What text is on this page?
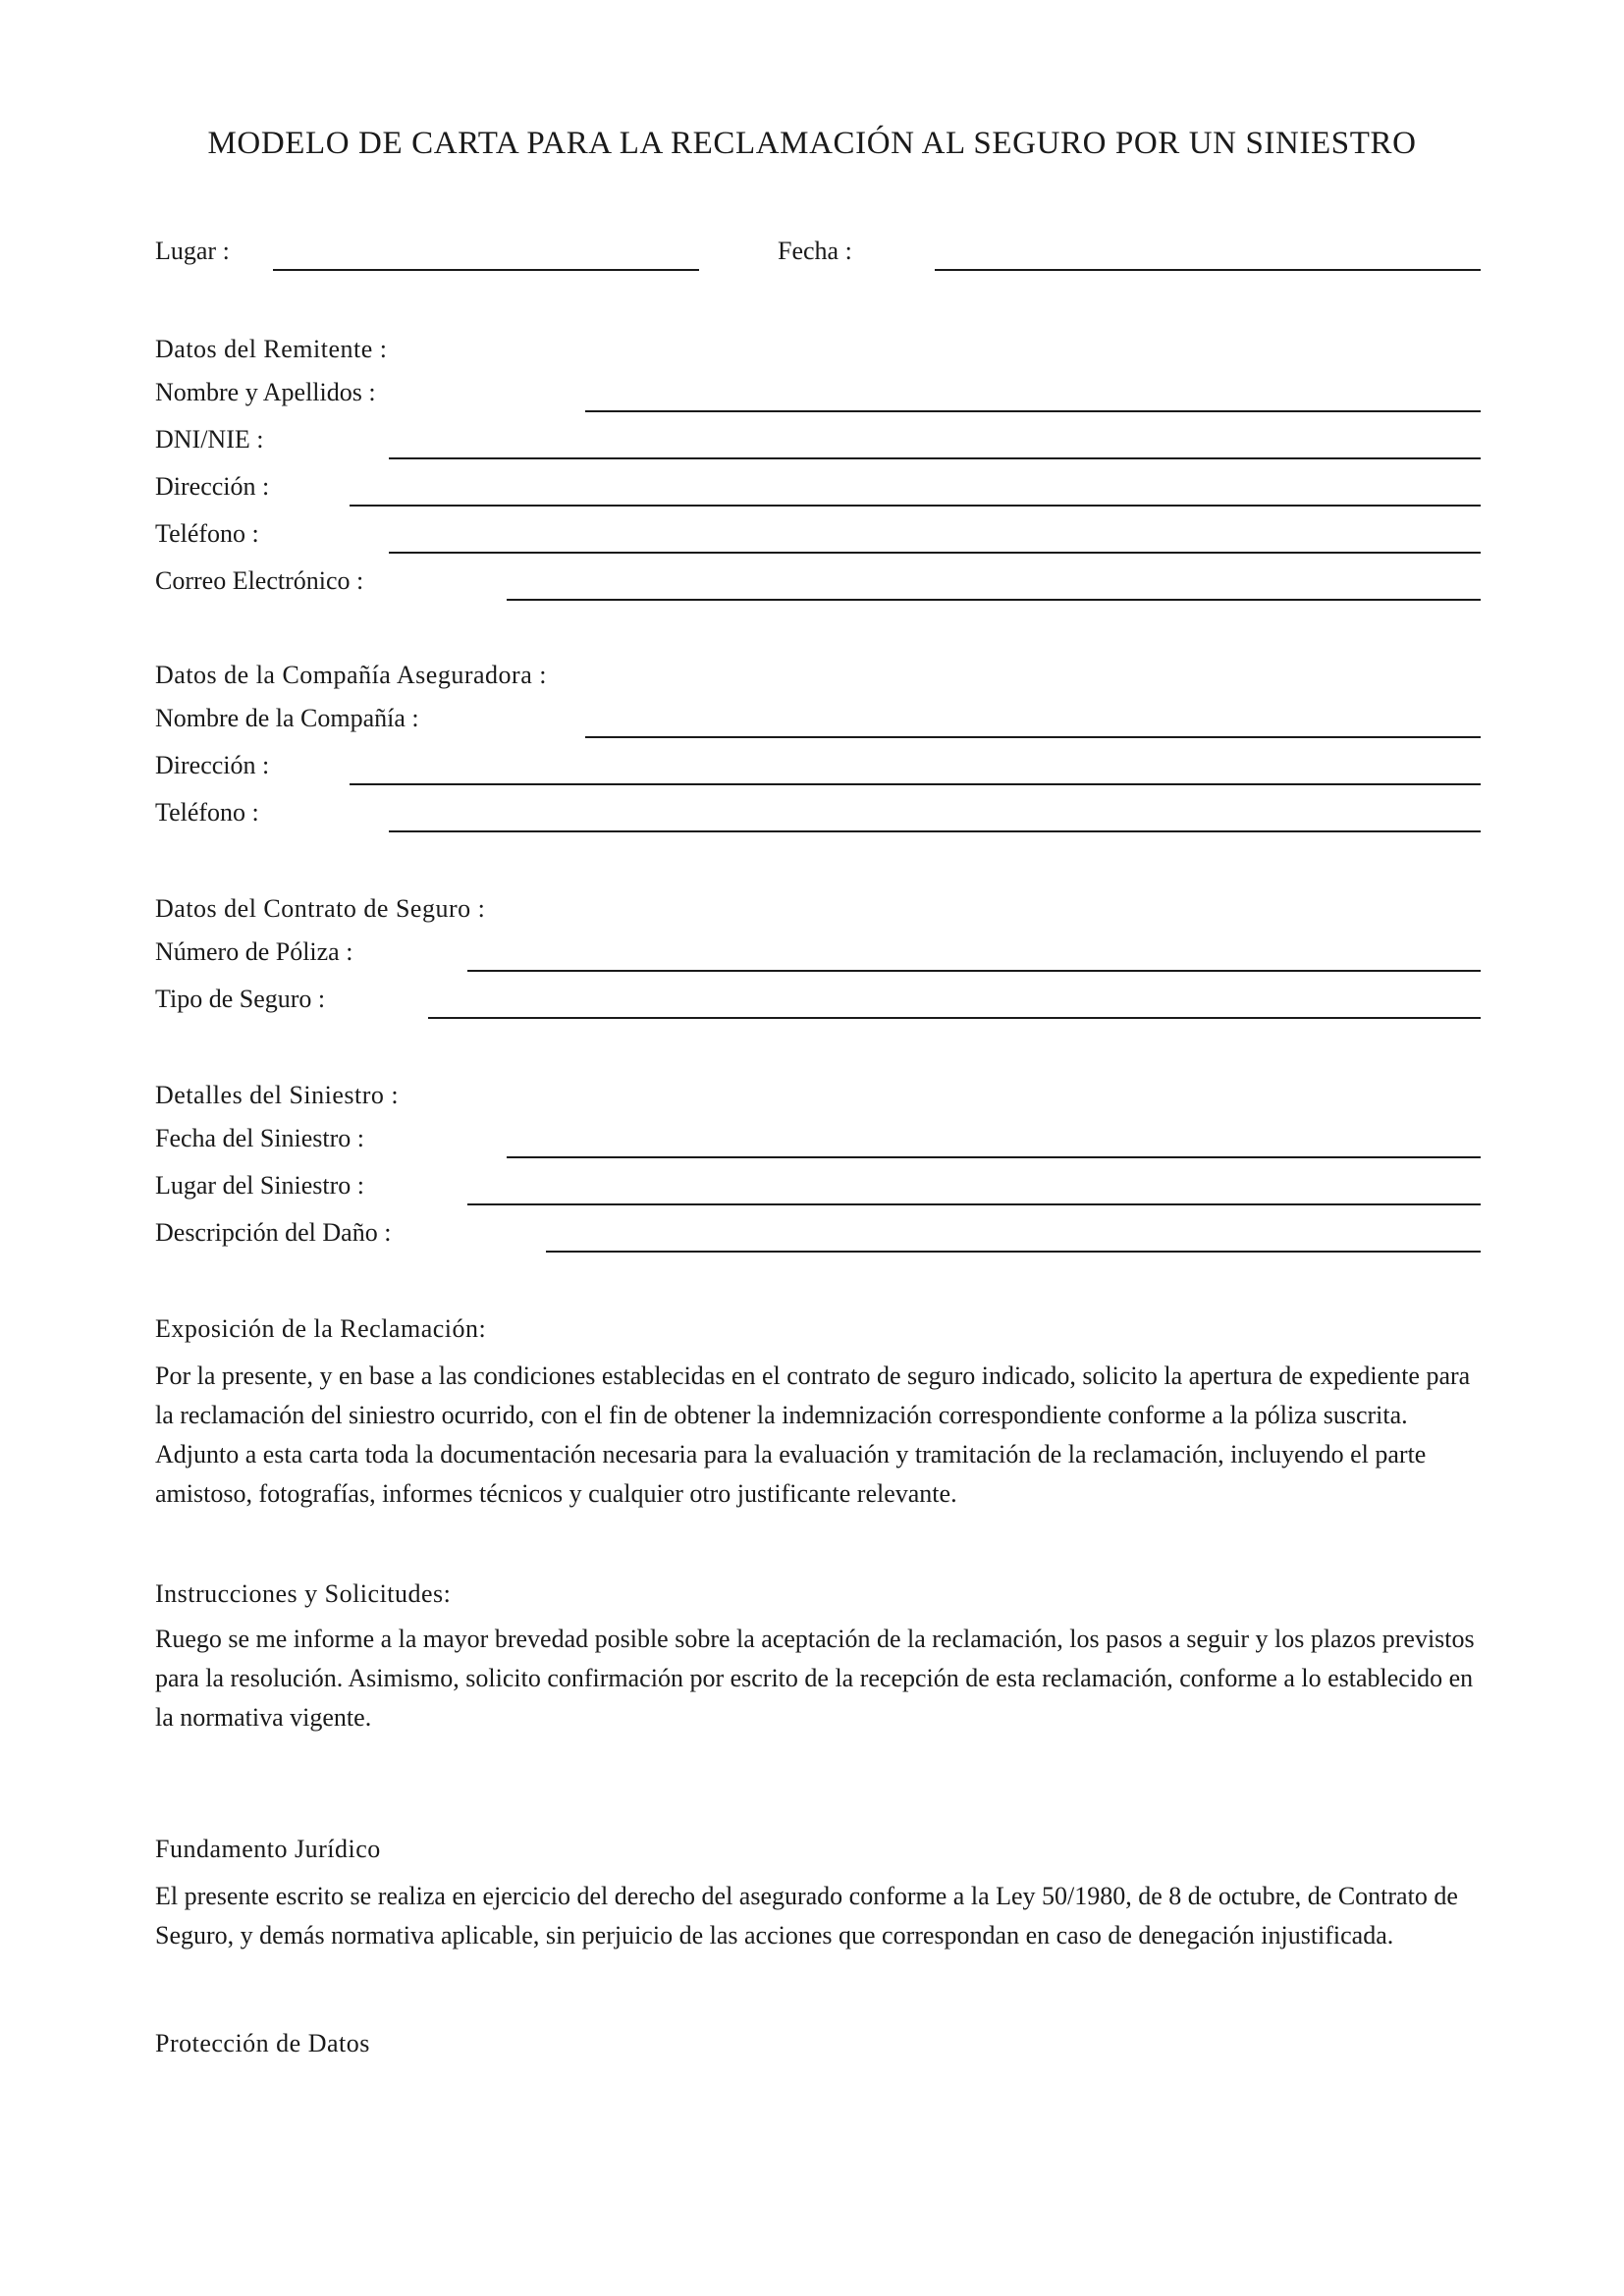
MODELO DE CARTA PARA LA RECLAMACIÓN AL SEGURO POR UN SINIESTRO
Lugar :	Fecha :
Datos del Remitente :
Nombre y Apellidos :
DNI/NIE :
Dirección :
Teléfono :
Correo Electrónico :
Datos de la Compañía Aseguradora :
Nombre de la Compañía :
Dirección :
Teléfono :
Datos del Contrato de Seguro :
Número de Póliza :
Tipo de Seguro :
Detalles del Siniestro :
Fecha del Siniestro :
Lugar del Siniestro :
Descripción del Daño :
Exposición de la Reclamación:

Por la presente, y en base a las condiciones establecidas en el contrato de seguro indicado, solicito la apertura de expediente para la reclamación del siniestro ocurrido, con el fin de obtener la indemnización correspondiente conforme a la póliza suscrita. Adjunto a esta carta toda la documentación necesaria para la evaluación y tramitación de la reclamación, incluyendo el parte amistoso, fotografías, informes técnicos y cualquier otro justificante relevante.

Instrucciones y Solicitudes:

Ruego se me informe a la mayor brevedad posible sobre la aceptación de la reclamación, los pasos a seguir y los plazos previstos para la resolución. Asimismo, solicito confirmación por escrito de la recepción de esta reclamación, conforme a lo establecido en la normativa vigente.

Fundamento Jurídico

El presente escrito se realiza en ejercicio del derecho del asegurado conforme a la Ley 50/1980, de 8 de octubre, de Contrato de Seguro, y demás normativa aplicable, sin perjuicio de las acciones que correspondan en caso de denegación injustificada.

Protección de Datos
